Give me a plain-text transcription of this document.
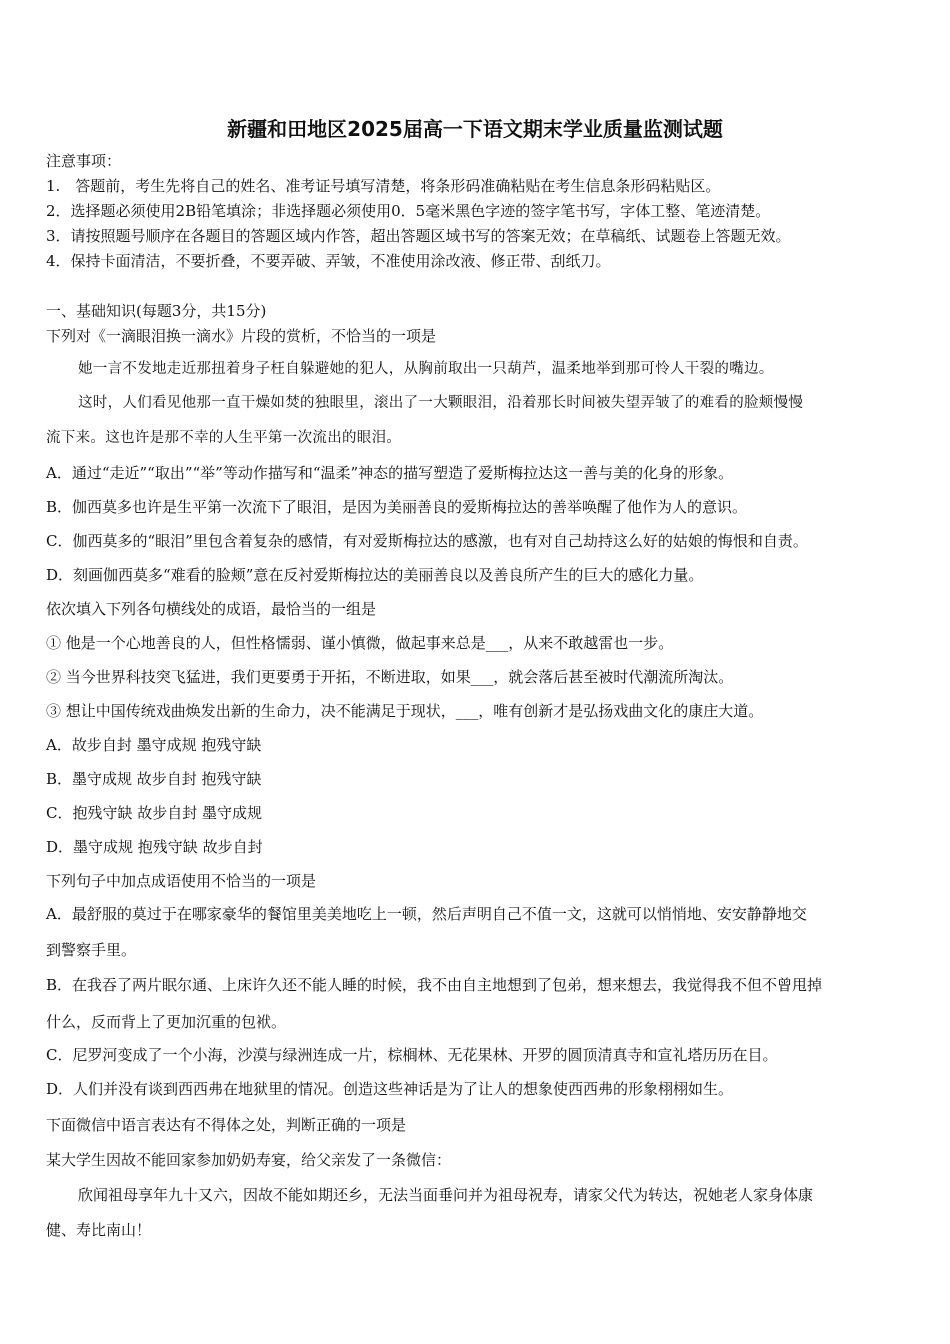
新疆和田地区2025届高一下语文期末学业质量监测试题
注意事项：
1.　答题前，考生先将自己的姓名、准考证号填写清楚，将条形码准确粘贴在考生信息条形码粘贴区。
2．选择题必须使用2B铅笔填涂；非选择题必须使用0．5毫米黑色字迹的签字笔书写，字体工整、笔迹清楚。
3．请按照题号顺序在各题目的答题区域内作答，超出答题区域书写的答案无效；在草稿纸、试题卷上答题无效。
4．保持卡面清洁，不要折叠，不要弄破、弄皱，不准使用涂改液、修正带、刮纸刀。
一、基础知识(每题3分，共15分)
下列对《一滴眼泪换一滴水》片段的赏析，不恰当的一项是
她一言不发地走近那扭着身子枉自躲避她的犯人，从胸前取出一只葫芦，温柔地举到那可怜人干裂的嘴边。
这时，人们看见他那一直干燥如焚的独眼里，滚出了一大颗眼泪，沿着那长时间被失望弄皱了的难看的脸颊慢慢
流下来。这也许是那不幸的人生平第一次流出的眼泪。
A．通过“走近”“取出”“举”等动作描写和“温柔”神态的描写塑造了爱斯梅拉达这一善与美的化身的形象。
B．伽西莫多也许是生平第一次流下了眼泪，是因为美丽善良的爱斯梅拉达的善举唤醒了他作为人的意识。
C．伽西莫多的“眼泪”里包含着复杂的感情，有对爱斯梅拉达的感激，也有对自己劫持这么好的姑娘的悔恨和自责。
D．刻画伽西莫多“难看的脸颊”意在反衬爱斯梅拉达的美丽善良以及善良所产生的巨大的感化力量。
依次填入下列各句横线处的成语，最恰当的一组是
① 他是一个心地善良的人，但性格懦弱、谨小慎微，做起事来总是___，从来不敢越雷也一步。
② 当今世界科技突飞猛进，我们更要勇于开拓，不断进取，如果___，就会落后甚至被时代潮流所淘汰。
③ 想让中国传统戏曲焕发出新的生命力，决不能满足于现状，___，唯有创新才是弘扬戏曲文化的康庄大道。
A．故步自封 墨守成规 抱残守缺
B．墨守成规 故步自封 抱残守缺
C．抱残守缺 故步自封 墨守成规
D．墨守成规 抱残守缺 故步自封
下列句子中加点成语使用不恰当的一项是
A．最舒服的莫过于在哪家豪华的餐馆里美美地吃上一顿，然后声明自己不值一文，这就可以悄悄地、安安静静地交
到警察手里。
B．在我吞了两片眠尔通、上床许久还不能人睡的时候，我不由自主地想到了包弟，想来想去，我觉得我不但不曾甩掉
什么，反而背上了更加沉重的包袱。
C．尼罗河变成了一个小海，沙漠与绿洲连成一片，棕榈林、无花果林、开罗的圆顶清真寺和宣礼塔历历在目。
D．人们并没有谈到西西弗在地狱里的情况。创造这些神话是为了让人的想象使西西弗的形象栩栩如生。
下面微信中语言表达有不得体之处，判断正确的一项是
某大学生因故不能回家参加奶奶寿宴，给父亲发了一条微信：
欣闻祖母享年九十又六，因故不能如期还乡，无法当面垂问并为祖母祝寿，请家父代为转达，祝她老人家身体康
健、寿比南山！
